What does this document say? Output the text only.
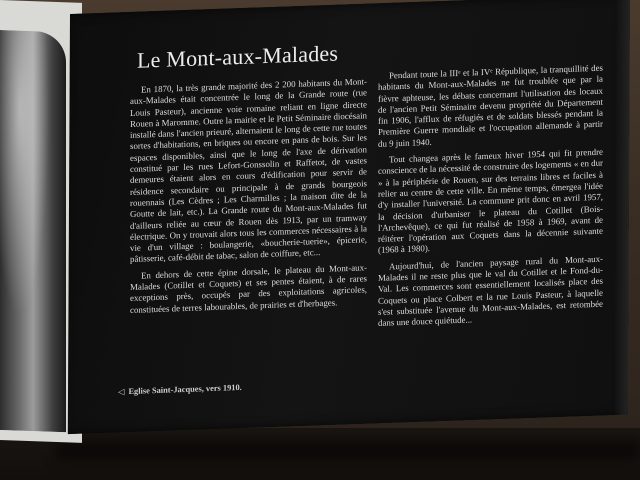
Le Mont-aux-Malades

En 1870, la très grande majorité des 2 200 habitants du Mont-aux-Malades était concentrée le long de la Grande route (rue Louis Pasteur), ancienne voie romaine reliant en ligne directe Rouen à Maromme. Outre la mairie et le Petit Séminaire diocésain installé dans l'ancien prieuré, alternaient le long de cette rue toutes sortes d'habitations, en briques ou encore en pans de bois. Sur les espaces disponibles, ainsi que le long de l'axe de dérivation constitué par les rues Lefort-Gonssolin et Raffetot, de vastes demeures étaient alors en cours d'édification pour servir de résidence secondaire ou principale à de grands bourgeois rouennais (Les Cèdres ; Les Charmilles ; la maison dite de la Goutte de lait, etc.). La Grande route du Mont-aux-Malades fut d'ailleurs reliée au cœur de Rouen dès 1913, par un tramway électrique. On y trouvait alors tous les commerces nécessaires à la vie d'un village : boulangerie, «boucherie-tuerie», épicerie, pâtisserie, café-débit de tabac, salon de coiffure, etc...

En dehors de cette épine dorsale, le plateau du Mont-aux-Malades (Cotillet et Coquets) et ses pentes étaient, à de rares exceptions près, occupés par des exploitations agricoles, constituées de terres labourables, de prairies et d'herbages.

Pendant toute la IIIᵉ et la IVᵉ République, la tranquillité des habitants du Mont-aux-Malades ne fut troublée que par la fièvre aphteuse, les débats concernant l'utilisation des locaux de l'ancien Petit Séminaire devenu propriété du Département fin 1906, l'afflux de réfugiés et de soldats blessés pendant la Première Guerre mondiale et l'occupation allemande à partir du 9 juin 1940.

Tout changea après le fameux hiver 1954 qui fit prendre conscience de la nécessité de construire des logements « en dur » à la périphérie de Rouen, sur des terrains libres et faciles à relier au centre de cette ville. En même temps, émergea l'idée d'y installer l'université. La commune prit donc en avril 1957, la décision d'urbaniser le plateau du Cotillet (Bois-l'Archevêque), ce qui fut réalisé de 1958 à 1969, avant de réitérer l'opération aux Coquets dans la décennie suivante (1968 à 1980).

Aujourd'hui, de l'ancien paysage rural du Mont-aux-Malades il ne reste plus que le val du Cotillet et le Fond-du-Val. Les commerces sont essentiellement localisés place des Coquets ou place Colbert et la rue Louis Pasteur, à laquelle s'est substituée l'avenue du Mont-aux-Malades, est retombée dans une douce quiétude...

◁ Eglise Saint-Jacques, vers 1910.
